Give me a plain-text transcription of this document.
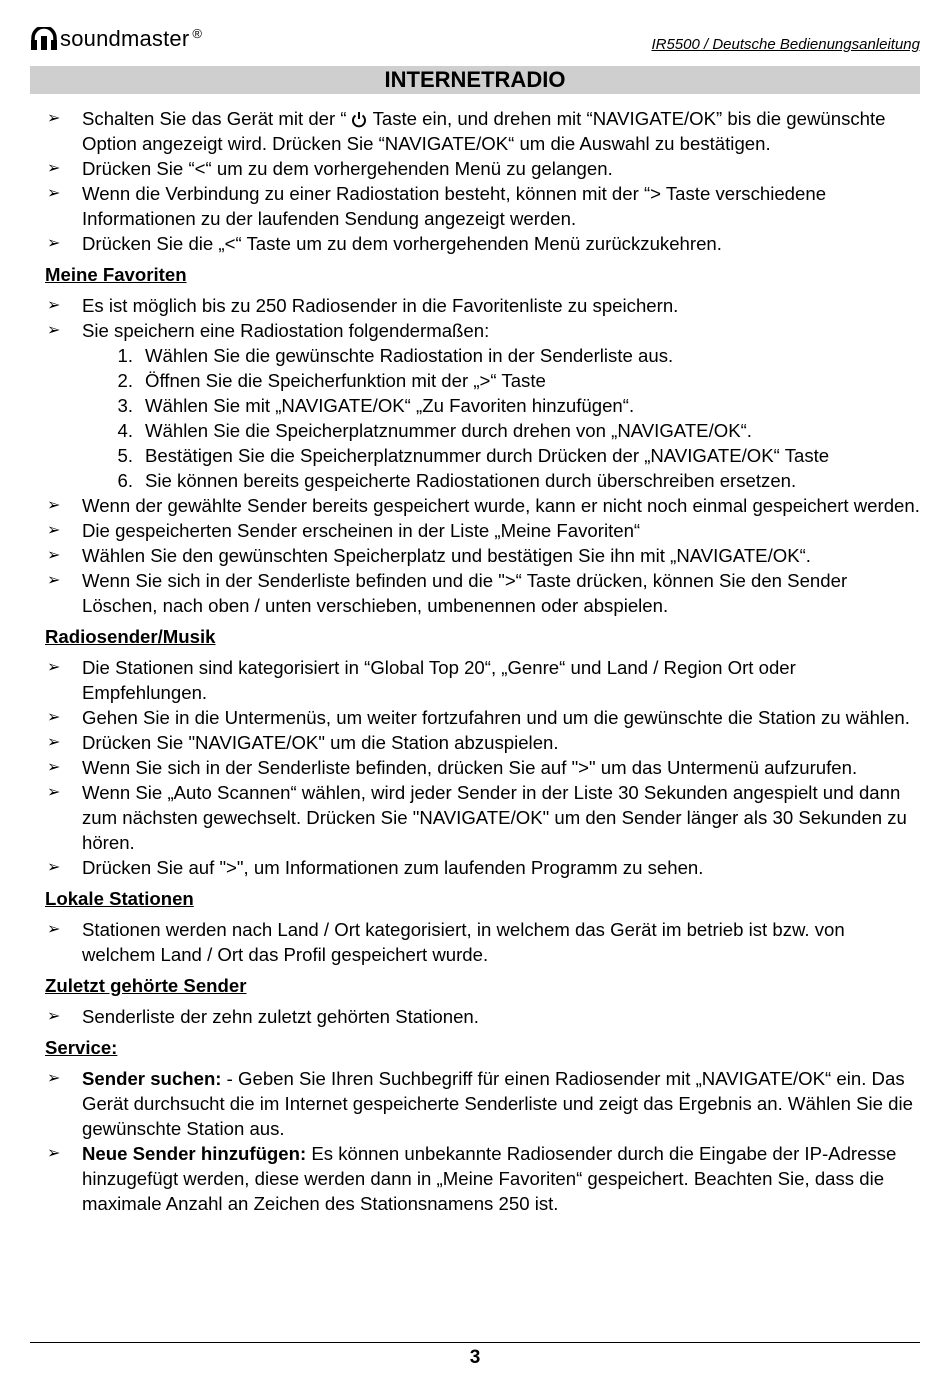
soundmaster ®
IR5500 / Deutsche Bedienungsanleitung
INTERNETRADIO
➢ Schalten Sie das Gerät mit der “ Taste ein, und drehen mit “NAVIGATE/OK” bis die gewünschte Option angezeigt wird. Drücken Sie “NAVIGATE/OK“ um die Auswahl zu bestätigen.
➢ Drücken Sie “<“ um zu dem vorhergehenden Menü zu gelangen.
➢ Wenn die Verbindung zu einer Radiostation besteht, können mit der “> Taste verschiedene Informationen zu der laufenden Sendung angezeigt werden.
➢ Drücken Sie die „<“ Taste um zu dem vorhergehenden Menü zurückzukehren.
Meine Favoriten
➢ Es ist möglich bis zu 250 Radiosender in die Favoritenliste zu speichern.
➢ Sie speichern eine Radiostation folgendermaßen:
1. Wählen Sie die gewünschte Radiostation in der Senderliste aus.
2. Öffnen Sie die Speicherfunktion mit der „>“ Taste
3. Wählen Sie mit „NAVIGATE/OK“ „Zu Favoriten hinzufügen“.
4. Wählen Sie die Speicherplatznummer durch drehen von „NAVIGATE/OK“.
5. Bestätigen Sie die Speicherplatznummer durch Drücken der „NAVIGATE/OK“ Taste
6. Sie können bereits gespeicherte Radiostationen durch überschreiben ersetzen.
➢ Wenn der gewählte Sender bereits gespeichert wurde, kann er nicht noch einmal gespeichert werden.
➢ Die gespeicherten Sender erscheinen in der Liste „Meine Favoriten“
➢ Wählen Sie den gewünschten Speicherplatz und bestätigen Sie ihn mit „NAVIGATE/OK“.
➢ Wenn Sie sich in der Senderliste befinden und die ">“ Taste drücken, können Sie den Sender Löschen, nach oben / unten verschieben, umbenennen oder abspielen.
Radiosender/Musik
➢ Die Stationen sind kategorisiert in “Global Top 20“, „Genre“ und Land / Region Ort oder Empfehlungen.
➢ Gehen Sie in die Untermenüs, um weiter fortzufahren und um die gewünschte die Station zu wählen.
➢ Drücken Sie "NAVIGATE/OK" um die Station abzuspielen.
➢ Wenn Sie sich in der Senderliste befinden, drücken Sie auf ">" um das Untermenü aufzurufen.
➢ Wenn Sie „Auto Scannen“ wählen, wird jeder Sender in der Liste 30 Sekunden angespielt und dann zum nächsten gewechselt. Drücken Sie "NAVIGATE/OK" um den Sender länger als 30 Sekunden zu hören.
➢ Drücken Sie auf ">", um Informationen zum laufenden Programm zu sehen.
Lokale Stationen
➢ Stationen werden nach Land / Ort kategorisiert, in welchem das Gerät im betrieb ist bzw. von welchem Land / Ort das Profil gespeichert wurde.
Zuletzt gehörte Sender
➢ Senderliste der zehn zuletzt gehörten Stationen.
Service:
➢ Sender suchen: - Geben Sie Ihren Suchbegriff für einen Radiosender mit „NAVIGATE/OK“ ein. Das Gerät durchsucht die im Internet gespeicherte Senderliste und zeigt das Ergebnis an. Wählen Sie die gewünschte Station aus.
➢ Neue Sender hinzufügen: Es können unbekannte Radiosender durch die Eingabe der IP-Adresse hinzugefügt werden, diese werden dann in „Meine Favoriten“ gespeichert. Beachten Sie, dass die maximale Anzahl an Zeichen des Stationsnamens 250 ist.
3
